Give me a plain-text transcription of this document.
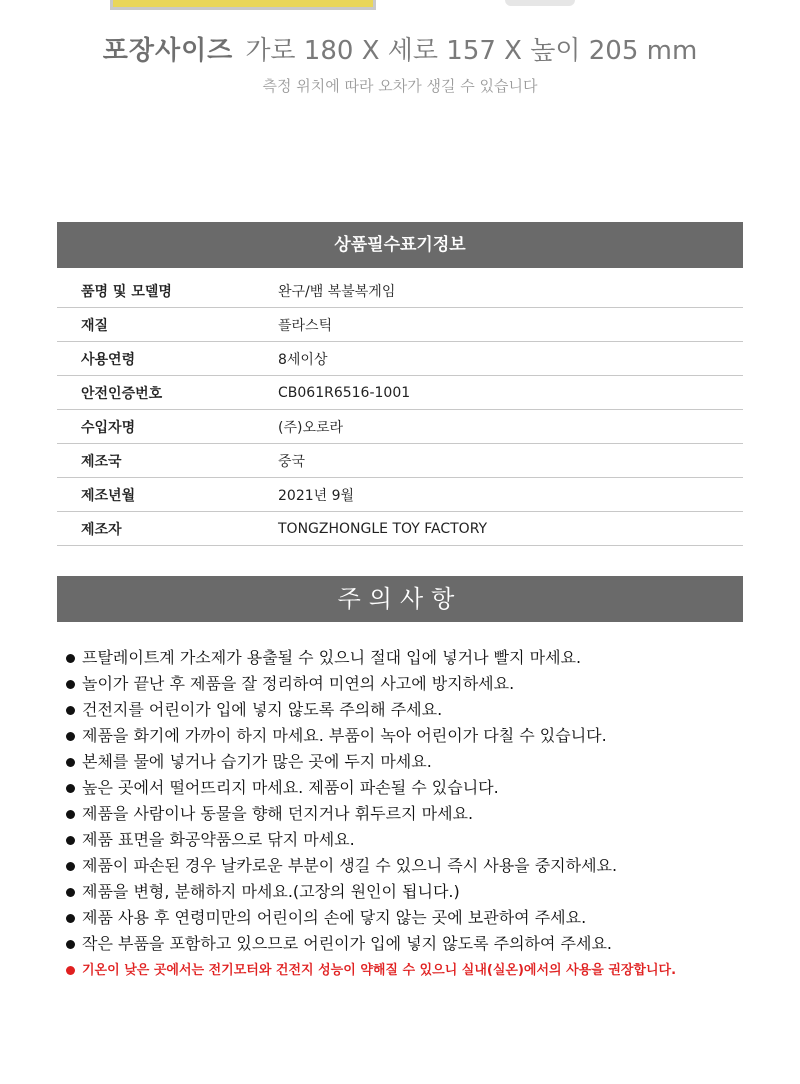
포장사이즈 가로 180 X 세로 157 X 높이 205 mm
측정 위치에 따라 오차가 생길 수 있습니다
상품필수표기정보
품명 및 모델명	완구/뱀 복불복게임
재질	플라스틱
사용연령	8세이상
안전인증번호	CB061R6516-1001
수입자명	(주)오로라
제조국	중국
제조년월	2021년 9월
제조자	TONGZHONGLE TOY FACTORY
주의사항
프탈레이트계 가소제가 용출될 수 있으니 절대 입에 넣거나 빨지 마세요.
놀이가 끝난 후 제품을 잘 정리하여 미연의 사고에 방지하세요.
건전지를 어린이가 입에 넣지 않도록 주의해 주세요.
제품을 화기에 가까이 하지 마세요. 부품이 녹아 어린이가 다칠 수 있습니다.
본체를 물에 넣거나 습기가 많은 곳에 두지 마세요.
높은 곳에서 떨어뜨리지 마세요. 제품이 파손될 수 있습니다.
제품을 사람이나 동물을 향해 던지거나 휘두르지 마세요.
제품 표면을 화공약품으로 닦지 마세요.
제품이 파손된 경우 날카로운 부분이 생길 수 있으니 즉시 사용을 중지하세요.
제품을 변형, 분해하지 마세요.(고장의 원인이 됩니다.)
제품 사용 후 연령미만의 어린이의 손에 닿지 않는 곳에 보관하여 주세요.
작은 부품을 포함하고 있으므로 어린이가 입에 넣지 않도록 주의하여 주세요.
기온이 낮은 곳에서는 전기모터와 건전지 성능이 약해질 수 있으니 실내(실온)에서의 사용을 권장합니다.
